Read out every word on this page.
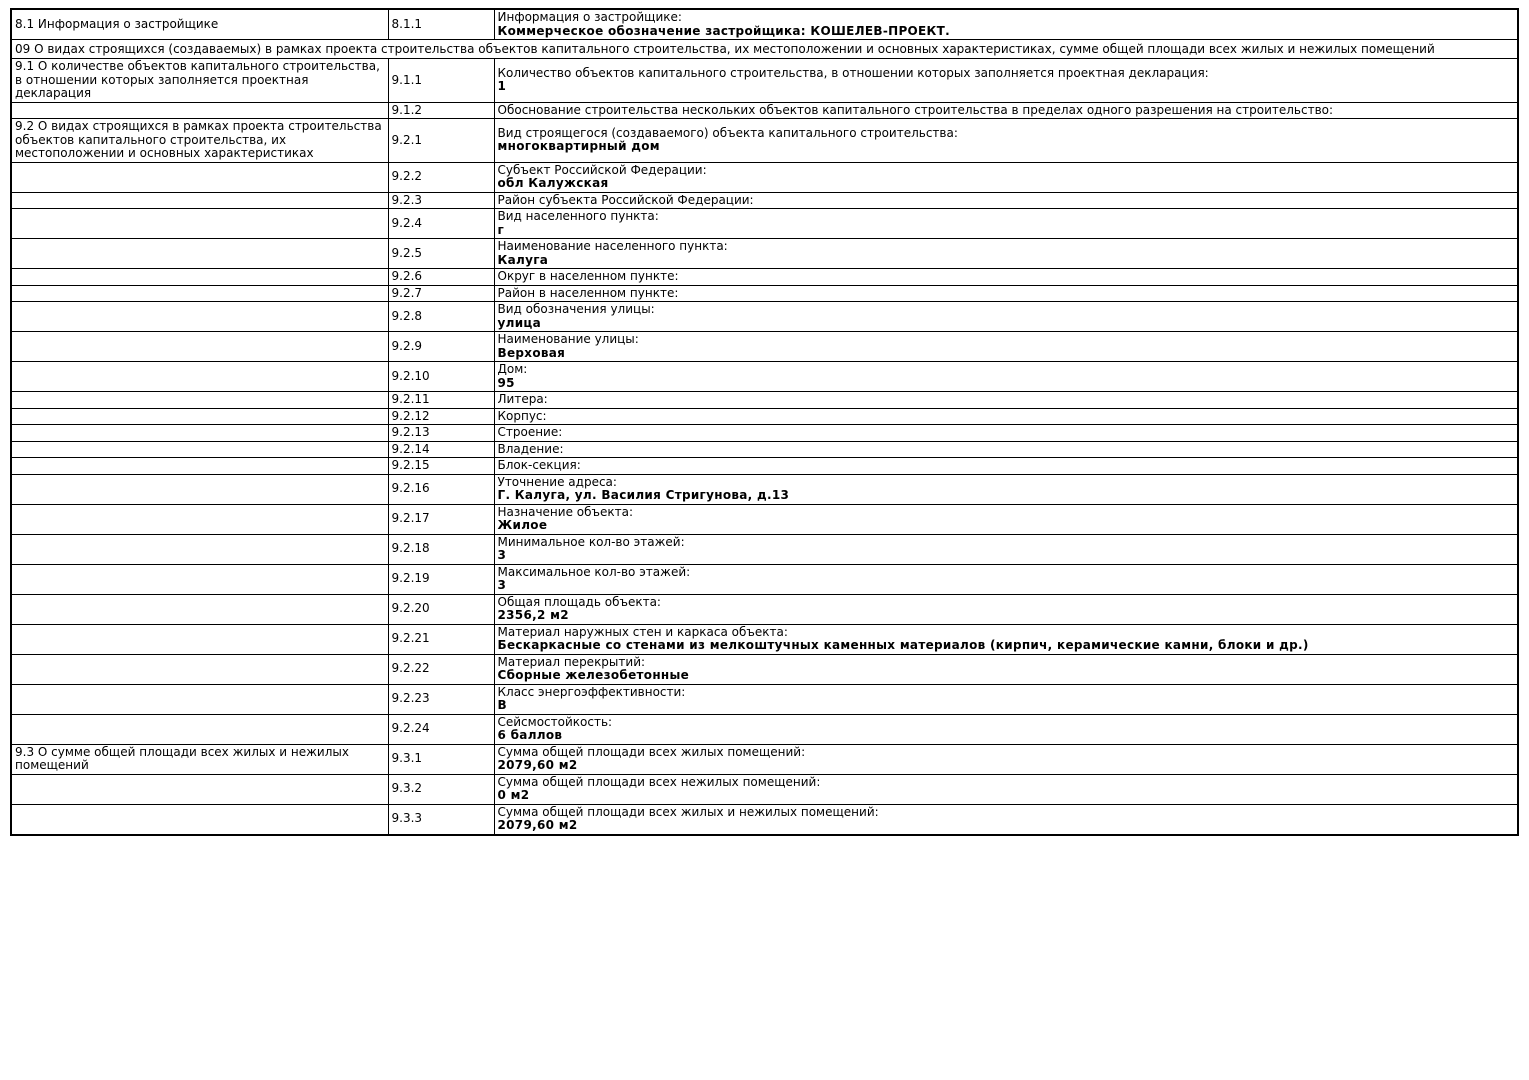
8.1 Информация о застройщике	8.1.1	Информация о застройщике:
Коммерческое обозначение застройщика: КОШЕЛЕВ-ПРОЕКТ.

09 О видах строящихся (создаваемых) в рамках проекта строительства объектов капитального строительства, их местоположении и основных характеристиках, сумме общей площади всех жилых и нежилых помещений		
9.1 О количестве объектов капитального строительства, в отношении которых заполняется проектная декларация	9.1.1	Количество объектов капитального строительства, в отношении которых заполняется проектная декларация:
1

	9.1.2	Обоснование строительства нескольких объектов капитального строительства в пределах одного разрешения на строительство:

9.2 О видах строящихся в рамках проекта строительства объектов капитального строительства, их местоположении и основных характеристиках	9.2.1	Вид строящегося (создаваемого) объекта капитального строительства:
многоквартирный дом

	9.2.2	Субъект Российской Федерации:
обл Калужская

	9.2.3	Район субъекта Российской Федерации:

	9.2.4	Вид населенного пункта:
г

	9.2.5	Наименование населенного пункта:
Калуга

	9.2.6	Округ в населенном пункте:

	9.2.7	Район в населенном пункте:

	9.2.8	Вид обозначения улицы:
улица

	9.2.9	Наименование улицы:
Верховая

	9.2.10	Дом:
95

	9.2.11	Литера:

	9.2.12	Корпус:

	9.2.13	Строение:

	9.2.14	Владение:

	9.2.15	Блок-секция:

	9.2.16	Уточнение адреса:
Г. Калуга, ул. Василия Стригунова, д.13

	9.2.17	Назначение объекта:
Жилое

	9.2.18	Минимальное кол-во этажей:
3

	9.2.19	Максимальное кол-во этажей:
3

	9.2.20	Общая площадь объекта:
2356,2 м2

	9.2.21	Материал наружных стен и каркаса объекта:
Бескаркасные со стенами из мелкоштучных каменных материалов (кирпич, керамические камни, блоки и др.)

	9.2.22	Материал перекрытий:
Сборные железобетонные

	9.2.23	Класс энергоэффективности:
В

	9.2.24	Сейсмостойкость:
6 баллов

9.3 О сумме общей площади всех жилых и нежилых помещений	9.3.1	Сумма общей площади всех жилых помещений:
2079,60 м2

	9.3.2	Сумма общей площади всех нежилых помещений:
0 м2

	9.3.3	Сумма общей площади всех жилых и нежилых помещений:
2079,60 м2
